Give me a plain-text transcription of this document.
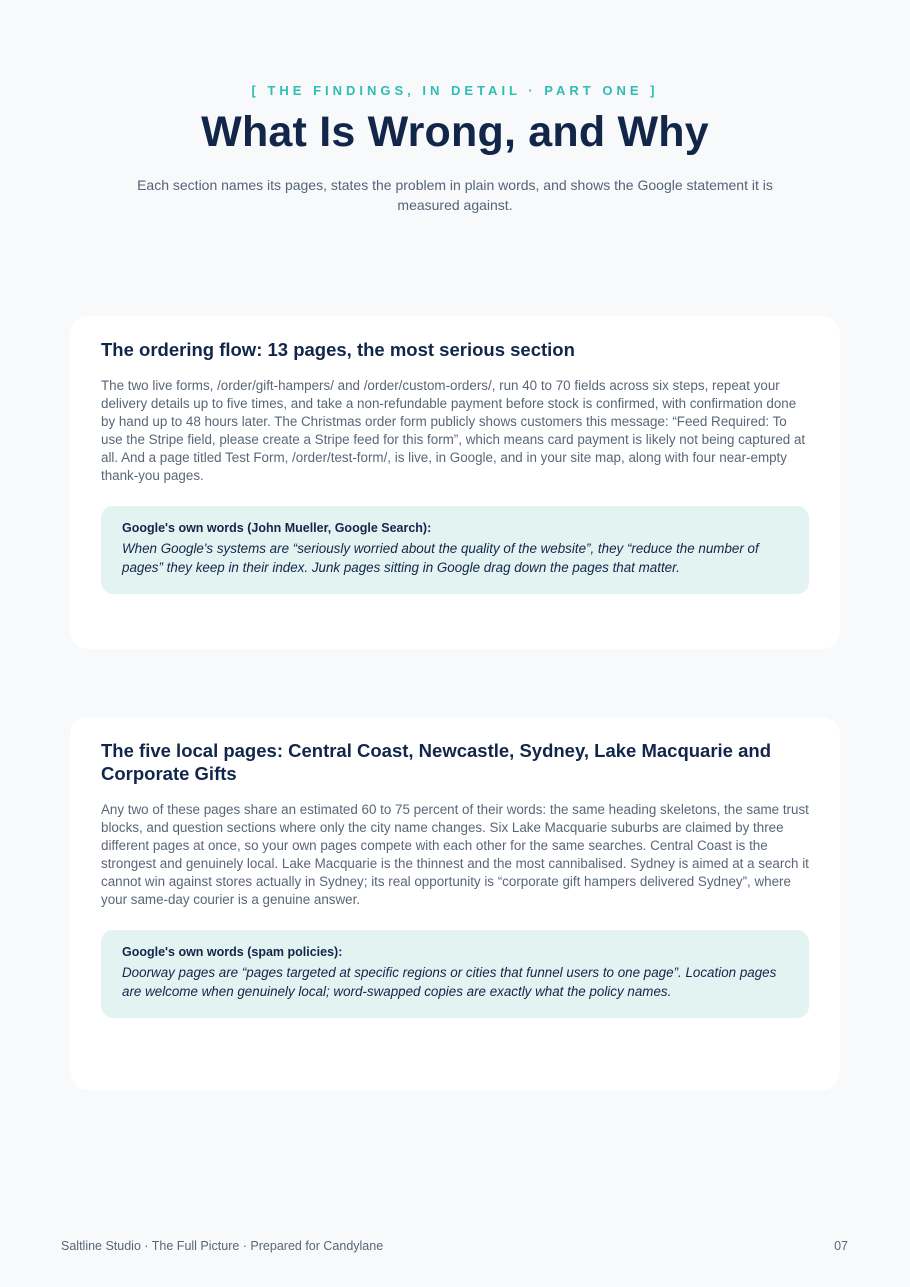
[ THE FINDINGS, IN DETAIL · PART ONE ]
What Is Wrong, and Why
Each section names its pages, states the problem in plain words, and shows the Google statement it is measured against.
The ordering flow: 13 pages, the most serious section

The two live forms, /order/gift-hampers/ and /order/custom-orders/, run 40 to 70 fields across six steps, repeat your delivery details up to five times, and take a non-refundable payment before stock is confirmed, with confirmation done by hand up to 48 hours later. The Christmas order form publicly shows customers this message: “Feed Required: To use the Stripe field, please create a Stripe feed for this form”, which means card payment is likely not being captured at all. And a page titled Test Form, /order/test-form/, is live, in Google, and in your site map, along with four near-empty thank-you pages.

Google's own words (John Mueller, Google Search):
When Google's systems are “seriously worried about the quality of the website”, they “reduce the number of pages” they keep in their index. Junk pages sitting in Google drag down the pages that matter.
The five local pages: Central Coast, Newcastle, Sydney, Lake Macquarie and Corporate Gifts

Any two of these pages share an estimated 60 to 75 percent of their words: the same heading skeletons, the same trust blocks, and question sections where only the city name changes. Six Lake Macquarie suburbs are claimed by three different pages at once, so your own pages compete with each other for the same searches. Central Coast is the strongest and genuinely local. Lake Macquarie is the thinnest and the most cannibalised. Sydney is aimed at a search it cannot win against stores actually in Sydney; its real opportunity is “corporate gift hampers delivered Sydney”, where your same-day courier is a genuine answer.

Google's own words (spam policies):
Doorway pages are “pages targeted at specific regions or cities that funnel users to one page”. Location pages are welcome when genuinely local; word-swapped copies are exactly what the policy names.
Saltline Studio · The Full Picture · Prepared for Candylane	07
